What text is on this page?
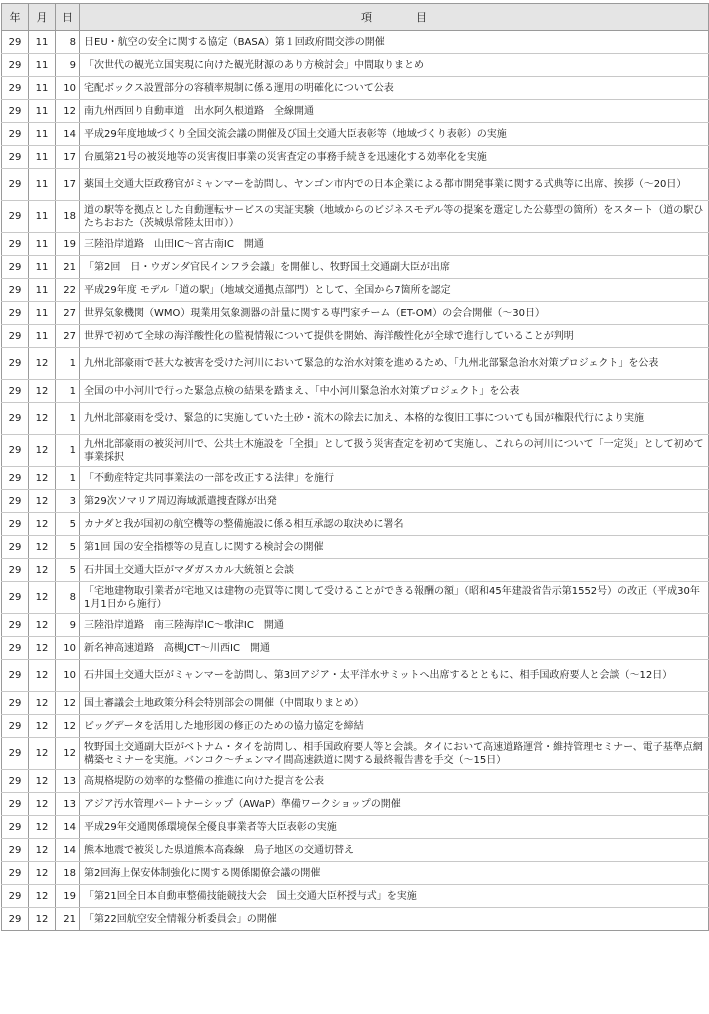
年	月	日	項　　　　目
29	11	8	日EU・航空の安全に関する協定（BASA）第１回政府間交渉の開催
29	11	9	「次世代の観光立国実現に向けた観光財源のあり方検討会」中間取りまとめ
29	11	10	宅配ボックス設置部分の容積率規制に係る運用の明確化について公表
29	11	12	南九州西回り自動車道　出水阿久根道路　全線開通
29	11	14	平成29年度地域づくり全国交流会議の開催及び国土交通大臣表彰等（地域づくり表彰）の実施
29	11	17	台風第21号の被災地等の災害復旧事業の災害査定の事務手続きを迅速化する効率化を実施
29	11	17	薬国土交通大臣政務官がミャンマーを訪問し、ヤンゴン市内での日本企業による都市開発事業に関する式典等に出席、挨拶（～20日）
29	11	18	道の駅等を拠点とした自動運転サービスの実証実験（地域からのビジネスモデル等の提案を選定した公募型の箇所）をスタート（道の駅ひたちおおた（茨城県常陸太田市））
29	11	19	三陸沿岸道路　山田IC～宮古南IC　開通
29	11	21	「第2回　日・ウガンダ官民インフラ会議」を開催し、牧野国土交通副大臣が出席
29	11	22	平成29年度 モデル「道の駅」（地域交通拠点部門）として、全国から7箇所を認定
29	11	27	世界気象機関（WMO）現業用気象測器の計量に関する専門家チーム（ET-OM）の会合開催（～30日）
29	11	27	世界で初めて全球の海洋酸性化の監視情報について提供を開始、海洋酸性化が全球で進行していることが判明
29	12	1	九州北部豪雨で甚大な被害を受けた河川において緊急的な治水対策を進めるため、「九州北部緊急治水対策プロジェクト」を公表
29	12	1	全国の中小河川で行った緊急点検の結果を踏まえ、「中小河川緊急治水対策プロジェクト」を公表
29	12	1	九州北部豪雨を受け、緊急的に実施していた土砂・流木の除去に加え、本格的な復旧工事についても国が権限代行により実施
29	12	1	九州北部豪雨の被災河川で、公共土木施設を「全損」として扱う災害査定を初めて実施し、これらの河川について「一定災」として初めて事業採択
29	12	1	「不動産特定共同事業法の一部を改正する法律」を施行
29	12	3	第29次ソマリア周辺海域派遣捜査隊が出発
29	12	5	カナダと我が国初の航空機等の整備施設に係る相互承認の取決めに署名
29	12	5	第1回 国の安全指標等の見直しに関する検討会の開催
29	12	5	石井国土交通大臣がマダガスカル大統領と会談
29	12	8	「宅地建物取引業者が宅地又は建物の売買等に関して受けることができる報酬の額」（昭和45年建設省告示第1552号）の改正（平成30年1月1日から施行）
29	12	9	三陸沿岸道路　南三陸海岸IC～歌津IC　開通
29	12	10	新名神高速道路　高槻JCT～川西IC　開通
29	12	10	石井国土交通大臣がミャンマーを訪問し、第3回アジア・太平洋水サミットへ出席するとともに、相手国政府要人と会談（～12日）
29	12	12	国土審議会土地政策分科会特別部会の開催（中間取りまとめ）
29	12	12	ビッグデータを活用した地形図の修正のための協力協定を締結
29	12	12	牧野国土交通副大臣がベトナム・タイを訪問し、相手国政府要人等と会談。タイにおいて高速道路運営・維持管理セミナー、電子基準点網構築セミナーを実施。バンコク～チェンマイ間高速鉄道に関する最終報告書を手交（～15日）
29	12	13	高規格堤防の効率的な整備の推進に向けた提言を公表
29	12	13	アジア汚水管理パートナーシップ（AWaP）準備ワークショップの開催
29	12	14	平成29年交通関係環境保全優良事業者等大臣表彰の実施
29	12	14	熊本地震で被災した県道熊本高森線　鳥子地区の交通切替え
29	12	18	第2回海上保安体制強化に関する関係閣僚会議の開催
29	12	19	「第21回全日本自動車整備技能競技大会　国土交通大臣杯授与式」を実施
29	12	21	「第22回航空安全情報分析委員会」の開催
